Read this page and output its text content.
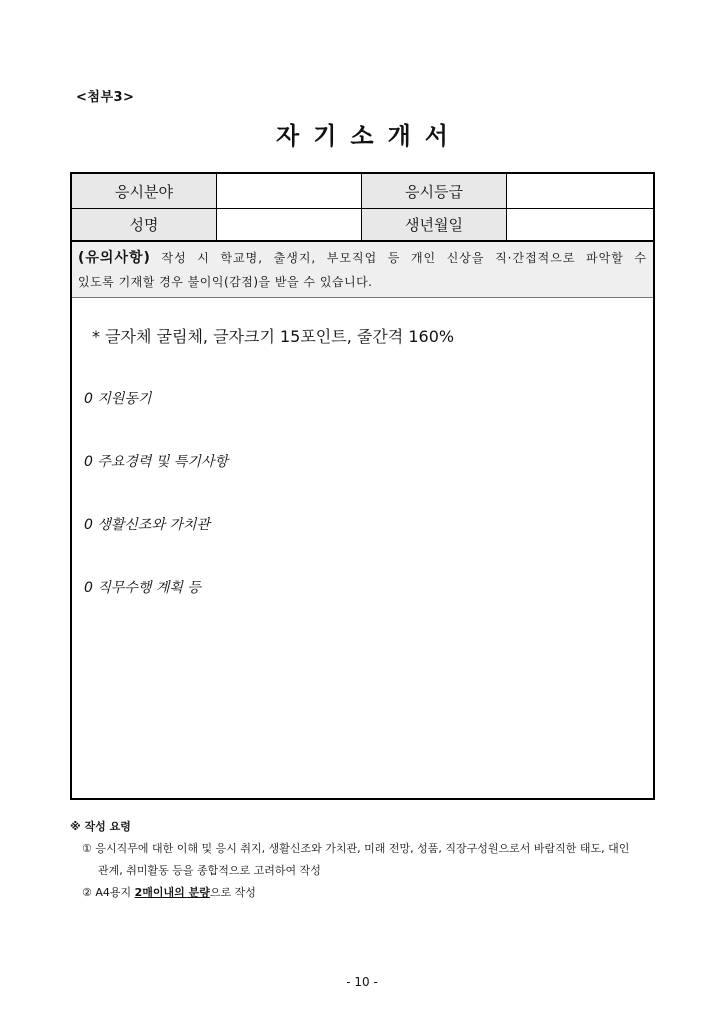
<첨부3>
자기소개서
응시분야	응시등급
성명	생년월일
(유의사항) 작성 시 학교명, 출생지, 부모직업 등 개인 신상을 직·간접적으로 파악할 수
있도록 기재할 경우 불이익(감점)을 받을 수 있습니다.
* 글자체 굴림체, 글자크기 15포인트, 줄간격 160%
0 지원동기
0 주요경력 및 특기사항
0 생활신조와 가치관
0 직무수행 계획 등
※ 작성 요령
① 응시직무에 대한 이해 및 응시 취지, 생활신조와 가치관, 미래 전망, 성품, 직장구성원으로서 바람직한 태도, 대인
관계, 취미활동 등을 종합적으로 고려하여 작성
② A4용지 2매이내의 분량으로 작성
- 10 -
